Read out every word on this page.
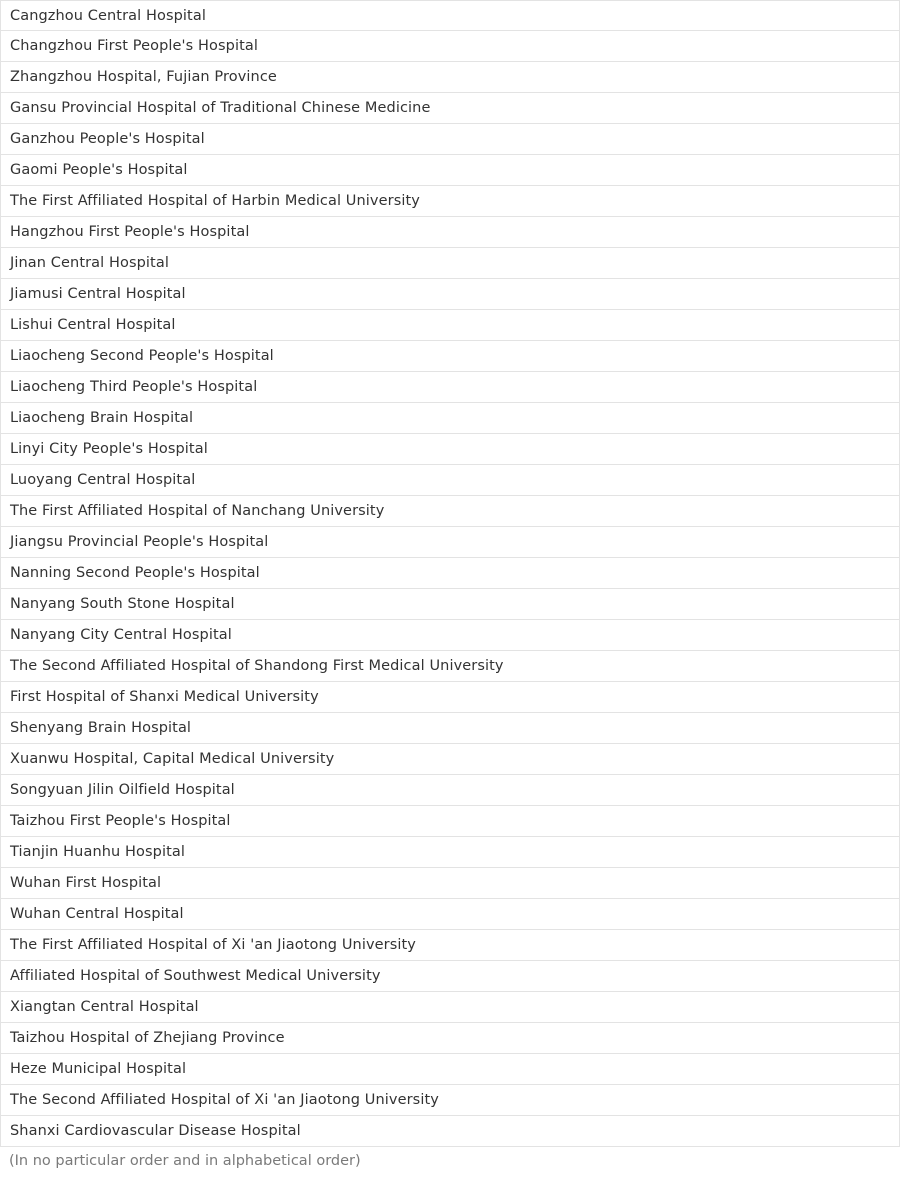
Cangzhou Central Hospital
Changzhou First People's Hospital
Zhangzhou Hospital, Fujian Province
Gansu Provincial Hospital of Traditional Chinese Medicine
Ganzhou People's Hospital
Gaomi People's Hospital
The First Affiliated Hospital of Harbin Medical University
Hangzhou First People's Hospital
Jinan Central Hospital
Jiamusi Central Hospital
Lishui Central Hospital
Liaocheng Second People's Hospital
Liaocheng Third People's Hospital
Liaocheng Brain Hospital
Linyi City People's Hospital
Luoyang Central Hospital
The First Affiliated Hospital of Nanchang University
Jiangsu Provincial People's Hospital
Nanning Second People's Hospital
Nanyang South Stone Hospital
Nanyang City Central Hospital
The Second Affiliated Hospital of Shandong First Medical University
First Hospital of Shanxi Medical University
Shenyang Brain Hospital
Xuanwu Hospital, Capital Medical University
Songyuan Jilin Oilfield Hospital
Taizhou First People's Hospital
Tianjin Huanhu Hospital
Wuhan First Hospital
Wuhan Central Hospital
The First Affiliated Hospital of Xi 'an Jiaotong University
Affiliated Hospital of Southwest Medical University
Xiangtan Central Hospital
Taizhou Hospital of Zhejiang Province
Heze Municipal Hospital
The Second Affiliated Hospital of Xi 'an Jiaotong University
Shanxi Cardiovascular Disease Hospital
(In no particular order and in alphabetical order)
